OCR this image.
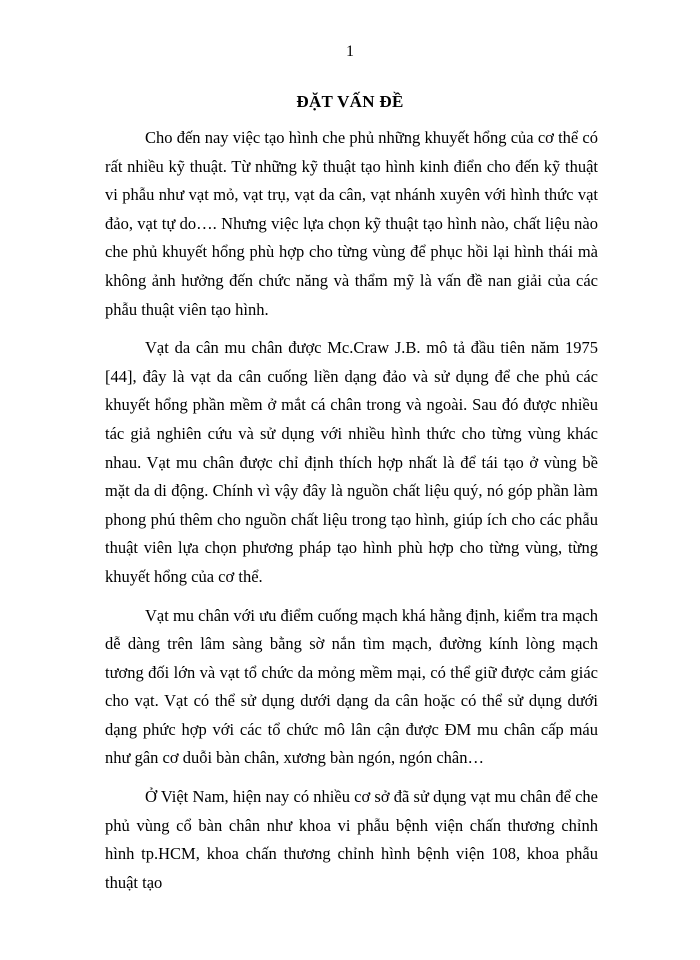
1
ĐẶT VẤN ĐỀ

Cho đến nay việc tạo hình che phủ những khuyết hổng của cơ thể có rất nhiều kỹ thuật. Từ những kỹ thuật tạo hình kinh điển cho đến kỹ thuật vi phẫu như vạt mỏ, vạt trụ, vạt da cân, vạt nhánh xuyên với hình thức vạt đảo, vạt tự do…. Nhưng việc lựa chọn kỹ thuật tạo hình nào, chất liệu nào che phủ khuyết hổng phù hợp cho từng vùng để phục hồi lại hình thái mà không ảnh hưởng đến chức năng và thẩm mỹ là vấn đề nan giải của các phẫu thuật viên tạo hình.

Vạt da cân mu chân được Mc.Craw J.B. mô tả đầu tiên năm 1975 [44], đây là vạt da cân cuống liền dạng đảo và sử dụng để che phủ các khuyết hổng phần mềm ở mắt cá chân trong và ngoài. Sau đó được nhiều tác giả nghiên cứu và sử dụng với nhiều hình thức cho từng vùng khác nhau. Vạt mu chân được chỉ định thích hợp nhất là để tái tạo ở vùng bề mặt da di động. Chính vì vậy đây là nguồn chất liệu quý, nó góp phần làm phong phú thêm cho nguồn chất liệu trong tạo hình, giúp ích cho các phẫu thuật viên lựa chọn phương pháp tạo hình phù hợp cho từng vùng, từng khuyết hổng của cơ thể.

Vạt mu chân với ưu điểm cuống mạch khá hằng định, kiểm tra mạch dễ dàng trên lâm sàng bằng sờ nắn tìm mạch, đường kính lòng mạch tương đối lớn và vạt tổ chức da mỏng mềm mại, có thể giữ được cảm giác cho vạt. Vạt có thể sử dụng dưới dạng da cân hoặc có thể sử dụng dưới dạng phức hợp với các tổ chức mô lân cận được ĐM mu chân cấp máu như gân cơ duỗi bàn chân, xương bàn ngón, ngón chân…

Ở Việt Nam, hiện nay có nhiều cơ sở đã sử dụng vạt mu chân để che phủ vùng cổ bàn chân như khoa vi phẫu bệnh viện chấn thương chỉnh hình tp.HCM, khoa chấn thương chỉnh hình bệnh viện 108, khoa phẫu thuật tạo
